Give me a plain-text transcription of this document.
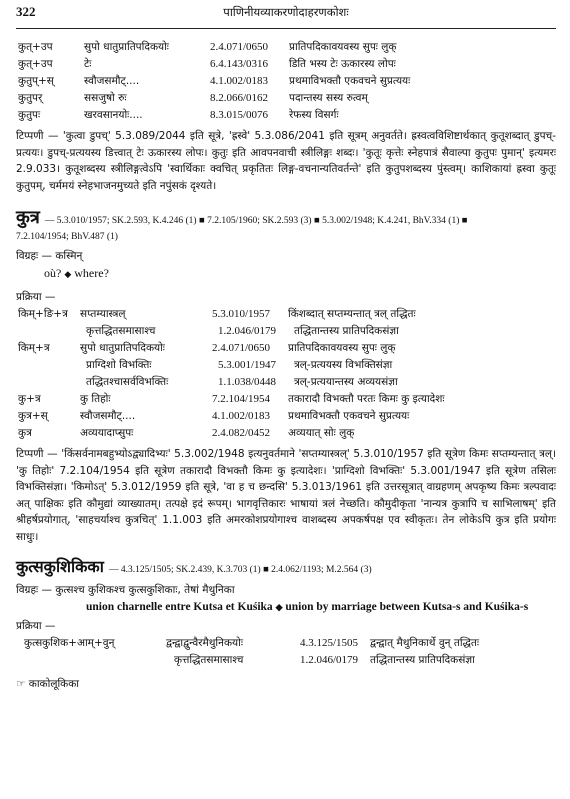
322	पाणिनीयव्याकरणोदाहरणकोशः
कुत्+उप	सुपो धातुप्रातिपदिकयोः	2.4.071/0650	प्रातिपदिकावयवस्य सुपः लुक्
कुत्+उप	टेः	6.4.143/0316	डिति भस्य टेः ऊकारस्य लोपः
कुतुप्+स्	स्वौजसमौट्....	4.1.002/0183	प्रथमाविभक्तौ एकवचने सुप्रत्ययः
कुतुपर्	ससजुषो रुः	8.2.066/0162	पदान्तस्य सस्य रुत्वम्
कुतुपः	खरवसानयोः....	8.3.015/0076	रेफस्य विसर्गः
टिप्पणी — 'कुत्वा डुपच्' 5.3.089/2044 इति सूत्रे, 'ह्रस्वे' 5.3.086/2041 इति सूत्रम् अनुवर्तते। ह्रस्वत्वविशिष्टार्थकात् कुतूशब्दात् डुपच्-प्रत्ययः। डुपच्-प्रत्ययस्य डित्त्वात् टेः ऊकारस्य लोपः। कुतुः इति आवपनवाची स्त्रीलिङ्गः शब्दः। 'कुतूः कृत्तेः स्नेहपात्रं सैवाल्पा कुतुपः पुमान्' इत्यमरः 2.9.033। कुतूशब्दस्य स्त्रीलिङ्गत्वेऽपि 'स्वार्थिकाः क्वचित् प्रकृतितः लिङ्ग-वचनान्यतिवर्तन्ते' इति कुतुपशब्दस्य पुंस्त्वम्। काशिकायां ह्रस्वा कुतूः कुतुपम्, चर्ममयं स्नेहभाजनमुच्यते इति नपुंसकं दृश्यते।
कुत्र — 5.3.010/1957; SK.2.593, K.4.246 (1) ■ 7.2.105/1960; SK.2.593 (3) ■ 5.3.002/1948; K.4.241, BhV.334 (1) ■
7.2.104/1954; BhV.487 (1)
विग्रहः — कस्मिन्
où? ◆ where?
प्रक्रिया —
किम्+ङि+त्र	सप्तम्यास्त्रल्	5.3.010/1957	किंशब्दात् सप्तम्यन्तात् त्रल् तद्धितः
कृत्तद्धितसमासाश्च	1.2.046/0179	तद्धितान्तस्य प्रातिपदिकसंज्ञा
किम्+त्र	सुपो धातुप्रातिपदिकयोः	2.4.071/0650	प्रातिपदिकावयवस्य सुपः लुक्
प्राग्दिशो विभक्तिः	5.3.001/1947	त्रल्-प्रत्ययस्य विभक्तिसंज्ञा
तद्धितश्चासर्वविभक्तिः	1.1.038/0448	त्रल्-प्रत्ययान्तस्य अव्ययसंज्ञा
कु+त्र	कु तिहोः	7.2.104/1954	तकारादौ विभक्तौ परतः किमः कु इत्यादेशः
कुत्र+स्	स्वौजसमौट्....	4.1.002/0183	प्रथमाविभक्तौ एकवचने सुप्रत्ययः
कुत्र	अव्ययादाप्सुपः	2.4.082/0452	अव्ययात् सोः लुक्
टिप्पणी — 'किंसर्वनामबहुभ्योऽद्व्यादिभ्यः' 5.3.002/1948 इत्यनुवर्तमाने 'सप्तम्यास्त्रल्' 5.3.010/1957 इति सूत्रेण किमः सप्तम्यन्तात् त्रल्। 'कु तिहोः' 7.2.104/1954 इति सूत्रेण तकारादौ विभक्तौ किमः कु इत्यादेशः। 'प्राग्दिशो विभक्तिः' 5.3.001/1947 इति सूत्रेण तसिलः विभक्तिसंज्ञा। 'किमोऽत्' 5.3.012/1959 इति सूत्रे, 'वा ह च छन्दसि' 5.3.013/1961 इति उत्तरसूत्रात् वाग्रहणम् अपकृष्य किमः त्रल्पवादः अत् पाक्षिकः इति कौमुद्यां व्याख्यातम्। तत्पक्षे इदं रूपम्। भागवृत्तिकारः भाषायां त्रलं नेच्छति। कौमुदीकृता 'नान्यत्र कुत्रापि च साभिलाषम्' इति श्रीहर्षप्रयोगात्, 'साहचर्याश्च कुत्रचित्' 1.1.003 इति अमरकोशप्रयोगाश्च वाशब्दस्य अपकर्षपक्ष एव स्वीकृतः। तेन लोकेऽपि कुत्र इति प्रयोगः साधुः।
कुत्सकुशिकिका — 4.3.125/1505; SK.2.439, K.3.703 (1) ■ 2.4.062/1193; M.2.564 (3)
विग्रहः — कुत्सश्च कुशिकश्च कुत्सकुशिकाः, तेषां मैथुनिका
union charnelle entre Kutsa et Kuśika ◆ union by marriage between Kutsa-s and Kuśika-s
प्रक्रिया —
कुत्सकुशिक+आम्+वुन्	द्वन्द्वाद्वुन्वैरमैथुनिकयोः	4.3.125/1505	द्वन्द्वात् मैथुनिकार्थे वुन् तद्धितः
कृत्तद्धितसमासाश्च	1.2.046/0179	तद्धितान्तस्य प्रातिपदिकसंज्ञा
☞ काकोलूकिका
